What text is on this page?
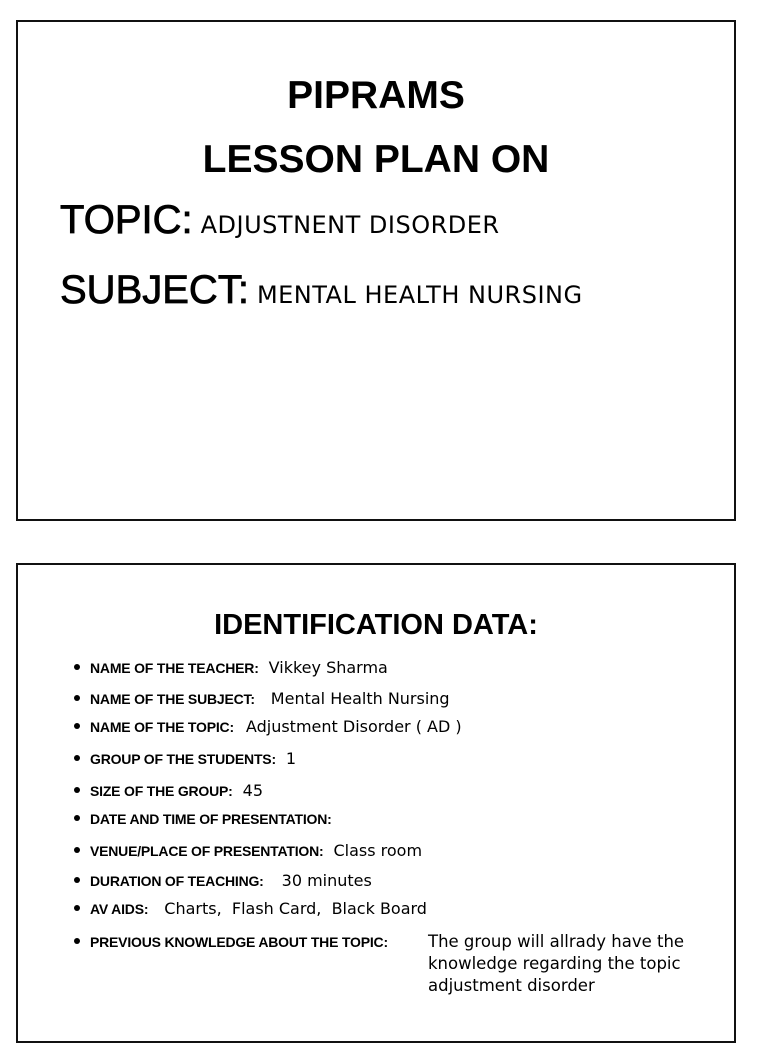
PIPRAMS
LESSON PLAN ON
TOPIC: ADJUSTNENT DISORDER
SUBJECT: MENTAL HEALTH NURSING
IDENTIFICATION DATA:
NAME OF THE TEACHER: Vikkey Sharma
NAME OF THE SUBJECT: Mental Health Nursing
NAME OF THE TOPIC: Adjustment Disorder ( AD )
GROUP OF THE STUDENTS: 1
SIZE OF THE GROUP: 45
DATE AND TIME OF PRESENTATION:
VENUE/PLACE OF PRESENTATION: Class room
DURATION OF TEACHING: 30 minutes
AV AIDS: Charts,  Flash Card,  Black Board
PREVIOUS KNOWLEDGE ABOUT THE TOPIC: The group will allrady have the
knowledge regarding the topic
adjustment disorder
